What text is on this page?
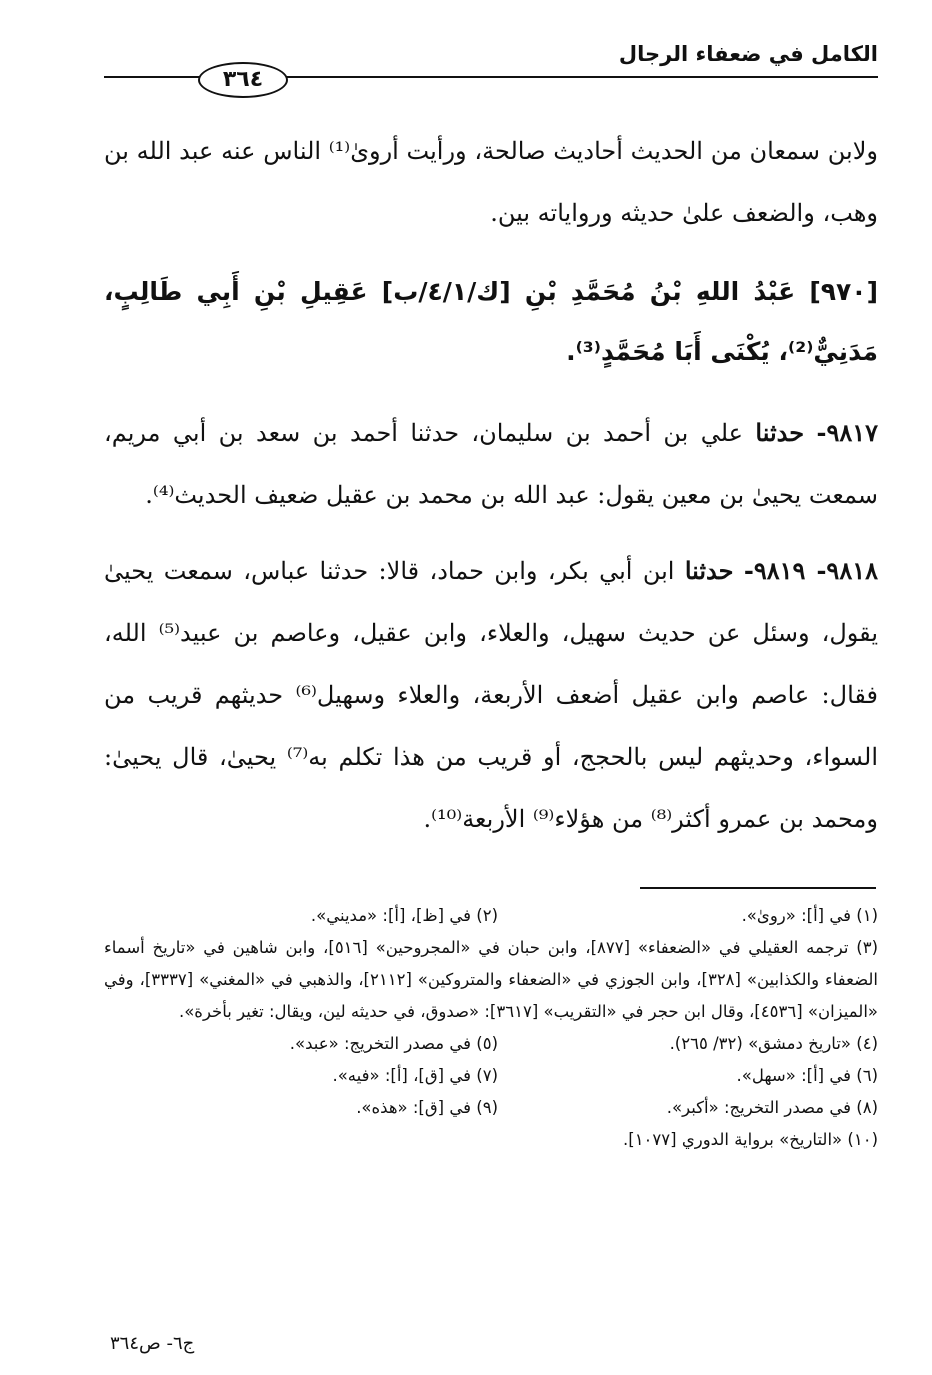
الكامل في ضعفاء الرجال
٣٦٤

ولابن سمعان من الحديث أحاديث صالحة، ورأيت أروىٰ⁽¹⁾ الناس عنه عبد الله بن وهب، والضعف علىٰ حديثه ورواياته بين.

[٩٧٠] عَبْدُ اللهِ بْنُ مُحَمَّدِ بْنِ [ك/٤/١/ب] عَقِيلِ بْنِ أَبِي طَالِبٍ، مَدَنِيٌّ⁽²⁾، يُكْنَى أَبَا مُحَمَّدٍ⁽³⁾.

٩٨١٧- حدثنا علي بن أحمد بن سليمان، حدثنا أحمد بن سعد بن أبي مريم، سمعت يحيىٰ بن معين يقول: عبد الله بن محمد بن عقيل ضعيف الحديث⁽⁴⁾.

٩٨١٨- ٩٨١٩- حدثنا ابن أبي بكر، وابن حماد، قالا: حدثنا عباس، سمعت يحيىٰ يقول، وسئل عن حديث سهيل، والعلاء، وابن عقيل، وعاصم بن عبيد⁽⁵⁾ الله، فقال: عاصم وابن عقيل أضعف الأربعة، والعلاء وسهيل⁽⁶⁾ حديثهم قريب من السواء، وحديثهم ليس بالحجج، أو قريب من هذا تكلم به⁽⁷⁾ يحيىٰ، قال يحيىٰ: ومحمد بن عمرو أكثر⁽⁸⁾ من هؤلاء⁽⁹⁾ الأربعة⁽¹⁰⁾.

(١) في [أ]: «روىٰ».
(٢) في [ظ]، [أ]: «مديني».
(٣) ترجمه العقيلي في «الضعفاء» [٨٧٧]، وابن حبان في «المجروحين» [٥١٦]، وابن شاهين في «تاريخ أسماء الضعفاء والكذابين» [٣٢٨]، وابن الجوزي في «الضعفاء والمتروكين» [٢١١٢]، والذهبي في «المغني» [٣٣٣٧]، وفي «الميزان» [٤٥٣٦]، وقال ابن حجر في «التقريب» [٣٦١٧]: «صدوق، في حديثه لين، ويقال: تغير بأخرة».
(٤) «تاريخ دمشق» (٣٢/ ٢٦٥).
(٥) في مصدر التخريج: «عبد».
(٦) في [أ]: «سهل».
(٧) في [ق]، [أ]: «فيه».
(٨) في مصدر التخريج: «أكبر».
(٩) في [ق]: «هذه».
(١٠) «التاريخ» برواية الدوري [١٠٧٧].
ج٦- ص٣٦٤
